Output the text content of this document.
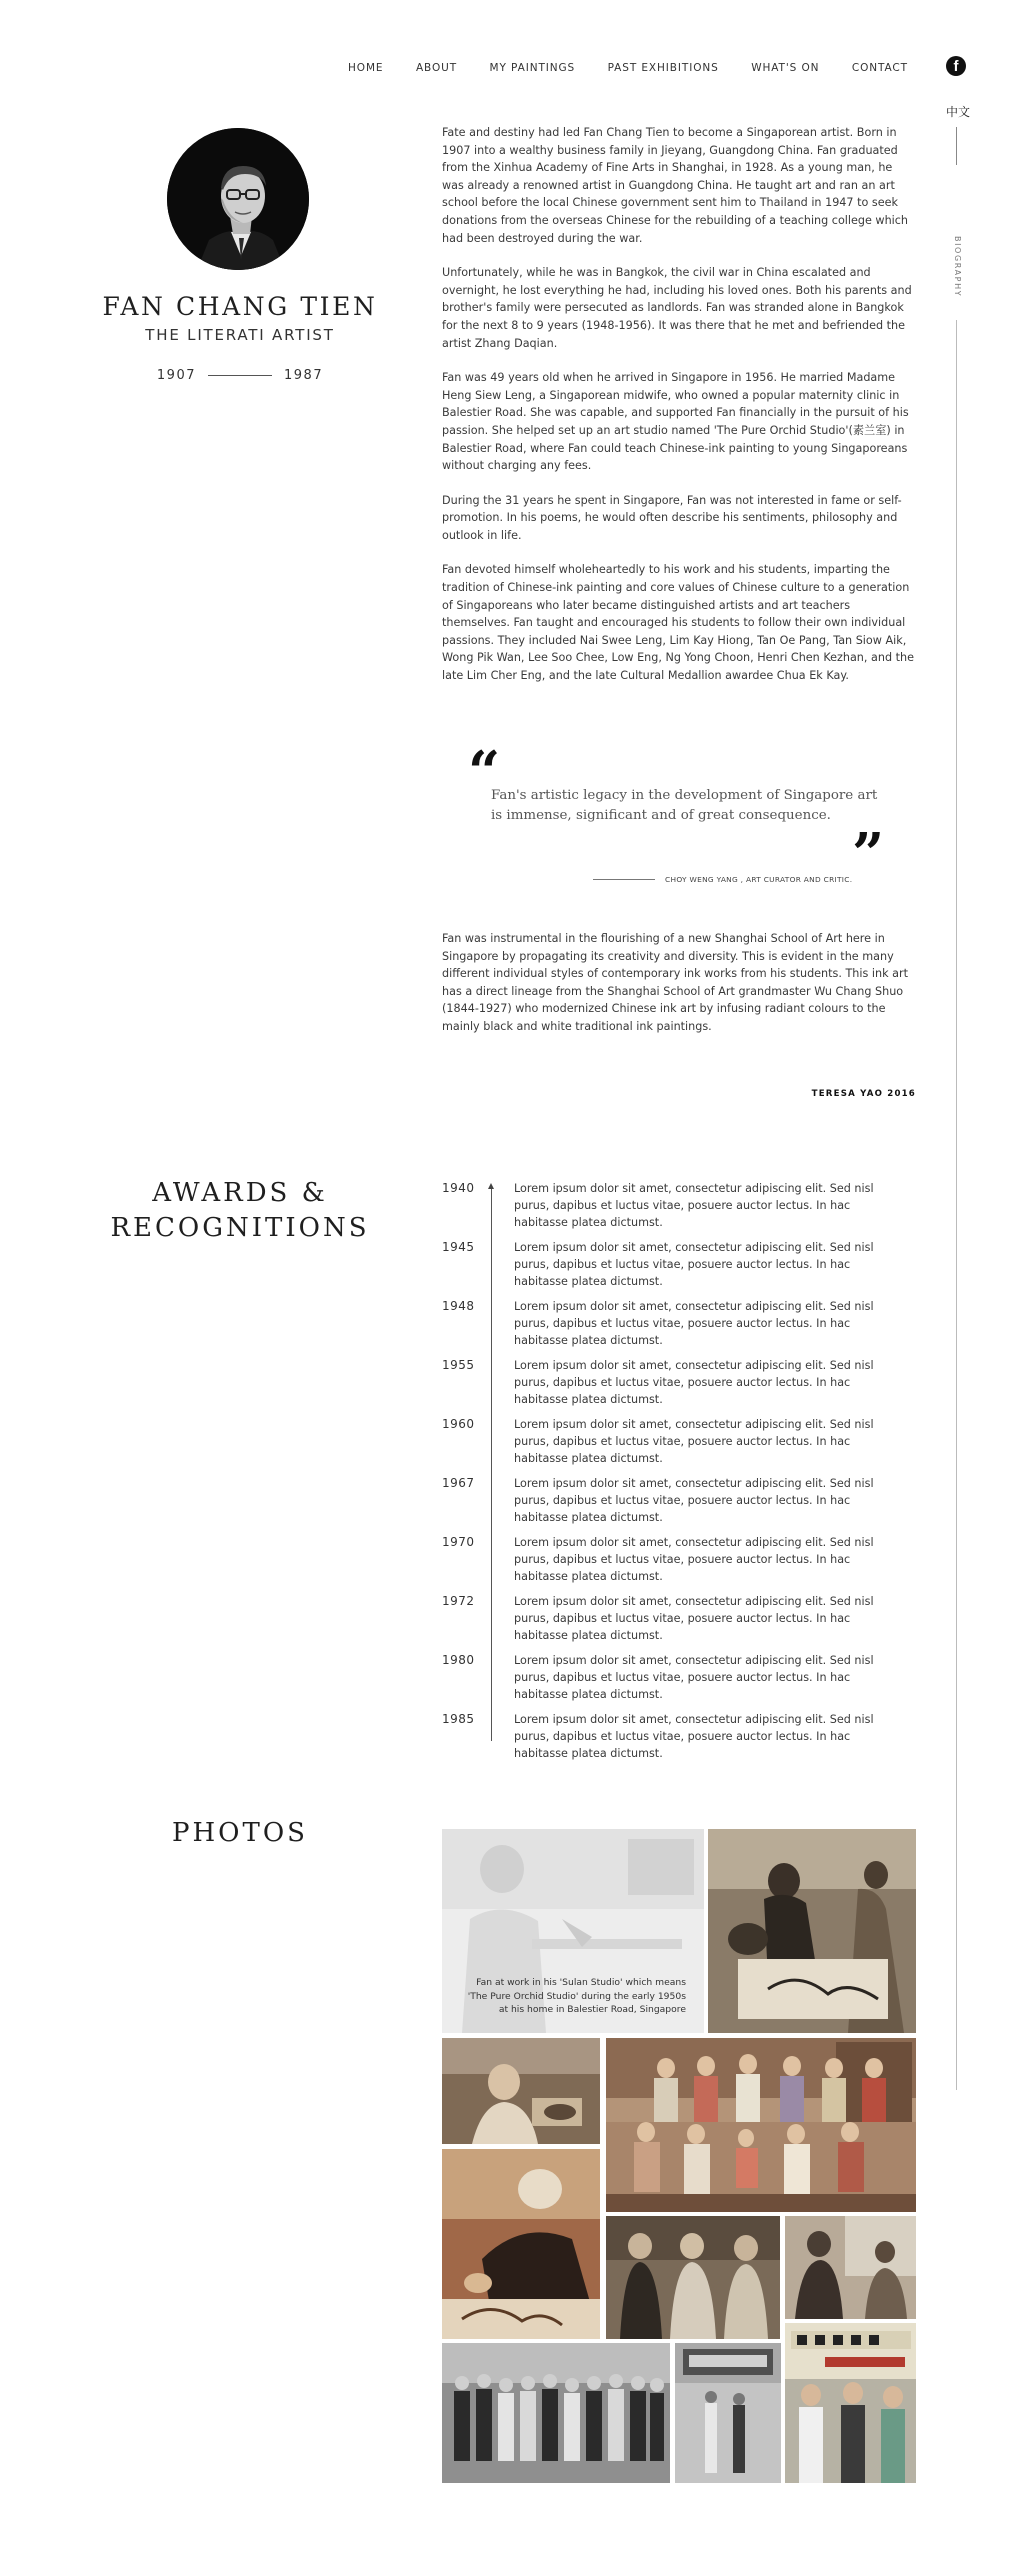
HOME	ABOUT	MY PAINTINGS	PAST EXHIBITIONS	WHAT'S ON	CONTACT	f
中文
BIOGRAPHY
FAN CHANG TIEN
THE LITERATI ARTIST
1907	1987

Fate and destiny had led Fan Chang Tien to become a Singaporean artist. Born in 1907 into a wealthy business family in Jieyang, Guangdong China. Fan graduated from the Xinhua Academy of Fine Arts in Shanghai, in 1928. As a young man, he was already a renowned artist in Guangdong China. He taught art and ran an art school before the local Chinese government sent him to Thailand in 1947 to seek donations from the overseas Chinese for the rebuilding of a teaching college which had been destroyed during the war.

Unfortunately, while he was in Bangkok, the civil war in China escalated and overnight, he lost everything he had, including his loved ones. Both his parents and brother's family were persecuted as landlords. Fan was stranded alone in Bangkok for the next 8 to 9 years (1948-1956). It was there that he met and befriended the artist Zhang Daqian.

Fan was 49 years old when he arrived in Singapore in 1956. He married Madame Heng Siew Leng, a Singaporean midwife, who owned a popular maternity clinic in Balestier Road. She was capable, and supported Fan financially in the pursuit of his passion. She helped set up an art studio named 'The Pure Orchid Studio'(素兰室) in Balestier Road, where Fan could teach Chinese-ink painting to young Singaporeans without charging any fees.

During the 31 years he spent in Singapore, Fan was not interested in fame or self-promotion. In his poems, he would often describe his sentiments, philosophy and outlook in life.

Fan devoted himself wholeheartedly to his work and his students, imparting the tradition of Chinese-ink painting and core values of Chinese culture to a generation of Singaporeans who later became distinguished artists and art teachers themselves. Fan taught and encouraged his students to follow their own individual passions. They included Nai Swee Leng, Lim Kay Hiong, Tan Oe Pang, Tan Siow Aik, Wong Pik Wan, Lee Soo Chee, Low Eng, Ng Yong Choon, Henri Chen Kezhan, and the late Lim Cher Eng, and the late Cultural Medallion awardee Chua Ek Kay.

“
Fan's artistic legacy in the development of Singapore art is immense, significant and of great consequence.
”
CHOY WENG YANG , ART CURATOR AND CRITIC.

Fan was instrumental in the flourishing of a new Shanghai School of Art here in Singapore by propagating its creativity and diversity. This is evident in the many different individual styles of contemporary ink works from his students. This ink art has a direct lineage from the Shanghai School of Art grandmaster Wu Chang Shuo (1844-1927) who modernized Chinese ink art by infusing radiant colours to the mainly black and white traditional ink paintings.

TERESA YAO 2016
AWARDS &
RECOGNITIONS
1940	Lorem ipsum dolor sit amet, consectetur adipiscing elit. Sed nisl purus, dapibus et luctus vitae, posuere auctor lectus. In hac habitasse platea dictumst.
1945	Lorem ipsum dolor sit amet, consectetur adipiscing elit. Sed nisl purus, dapibus et luctus vitae, posuere auctor lectus. In hac habitasse platea dictumst.
1948	Lorem ipsum dolor sit amet, consectetur adipiscing elit. Sed nisl purus, dapibus et luctus vitae, posuere auctor lectus. In hac habitasse platea dictumst.
1955	Lorem ipsum dolor sit amet, consectetur adipiscing elit. Sed nisl purus, dapibus et luctus vitae, posuere auctor lectus. In hac habitasse platea dictumst.
1960	Lorem ipsum dolor sit amet, consectetur adipiscing elit. Sed nisl purus, dapibus et luctus vitae, posuere auctor lectus. In hac habitasse platea dictumst.
1967	Lorem ipsum dolor sit amet, consectetur adipiscing elit. Sed nisl purus, dapibus et luctus vitae, posuere auctor lectus. In hac habitasse platea dictumst.
1970	Lorem ipsum dolor sit amet, consectetur adipiscing elit. Sed nisl purus, dapibus et luctus vitae, posuere auctor lectus. In hac habitasse platea dictumst.
1972	Lorem ipsum dolor sit amet, consectetur adipiscing elit. Sed nisl purus, dapibus et luctus vitae, posuere auctor lectus. In hac habitasse platea dictumst.
1980	Lorem ipsum dolor sit amet, consectetur adipiscing elit. Sed nisl purus, dapibus et luctus vitae, posuere auctor lectus. In hac habitasse platea dictumst.
1985	Lorem ipsum dolor sit amet, consectetur adipiscing elit. Sed nisl purus, dapibus et luctus vitae, posuere auctor lectus. In hac habitasse platea dictumst.
PHOTOS
Fan at work in his 'Sulan Studio' which means 'The Pure Orchid Studio' during the early 1950s at his home in Balestier Road, Singapore
